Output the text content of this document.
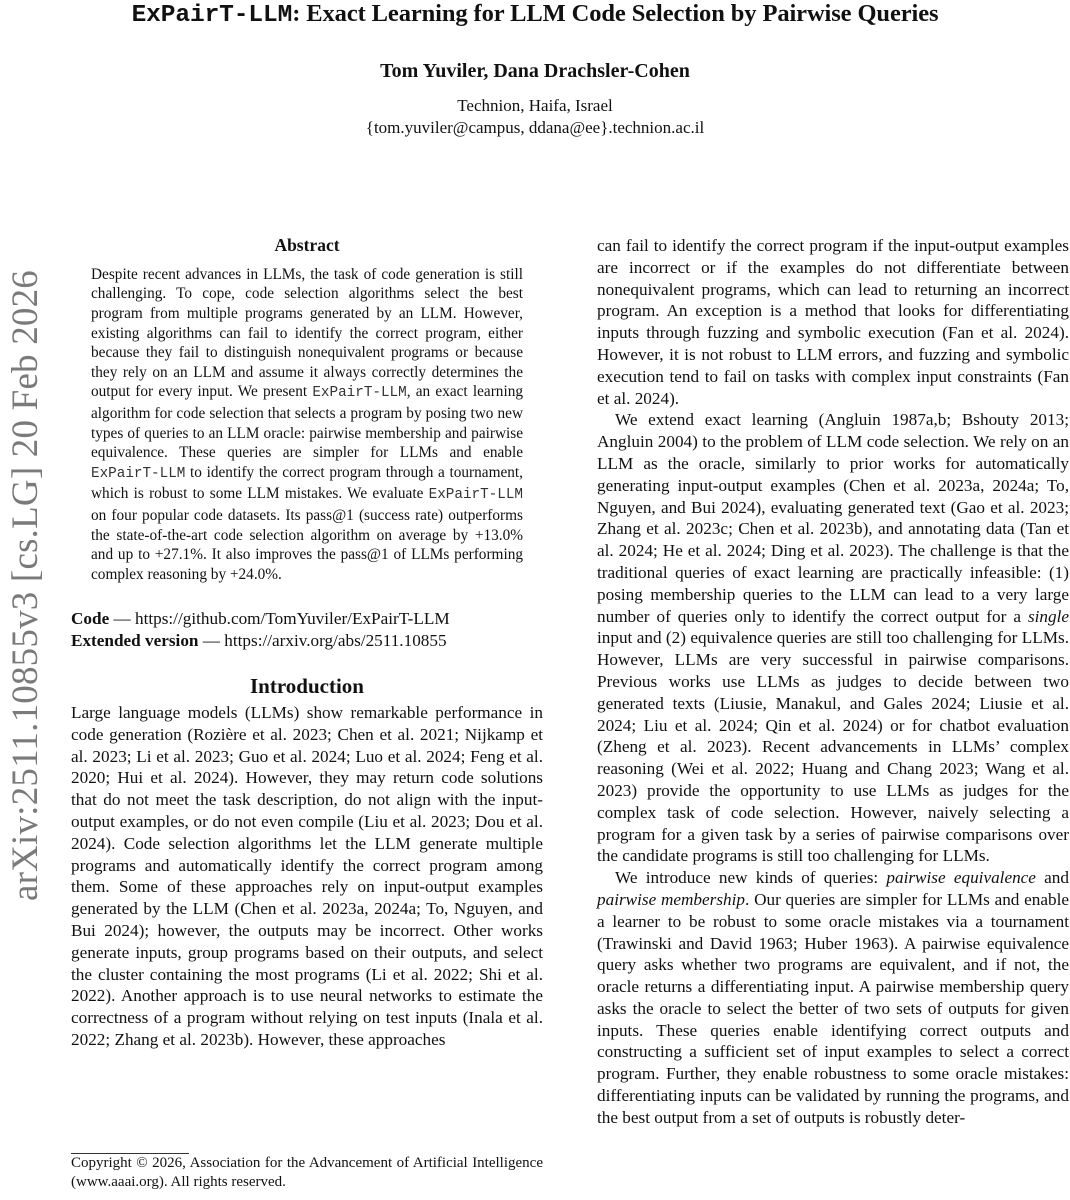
ExPairT-LLM: Exact Learning for LLM Code Selection by Pairwise Queries
Tom Yuviler, Dana Drachsler-Cohen
Technion, Haifa, Israel
{tom.yuviler@campus, ddana@ee}.technion.ac.il
arXiv:2511.10855v3 [cs.LG] 20 Feb 2026
Abstract
Despite recent advances in LLMs, the task of code generation is still challenging. To cope, code selection algorithms select the best program from multiple programs generated by an LLM. However, existing algorithms can fail to identify the correct program, either because they fail to distinguish nonequivalent programs or because they rely on an LLM and assume it always correctly determines the output for every input. We present ExPairT-LLM, an exact learning algorithm for code selection that selects a program by posing two new types of queries to an LLM oracle: pairwise membership and pairwise equivalence. These queries are simpler for LLMs and enable ExPairT-LLM to identify the correct program through a tournament, which is robust to some LLM mistakes. We evaluate ExPairT-LLM on four popular code datasets. Its pass@1 (success rate) outperforms the state-of-the-art code selection algorithm on average by +13.0% and up to +27.1%. It also improves the pass@1 of LLMs performing complex reasoning by +24.0%.
Code — https://github.com/TomYuviler/ExPairT-LLM
Extended version — https://arxiv.org/abs/2511.10855
Introduction

Large language models (LLMs) show remarkable performance in code generation (Rozière et al. 2023; Chen et al. 2021; Nijkamp et al. 2023; Li et al. 2023; Guo et al. 2024; Luo et al. 2024; Feng et al. 2020; Hui et al. 2024). However, they may return code solutions that do not meet the task description, do not align with the input-output examples, or do not even compile (Liu et al. 2023; Dou et al. 2024). Code selection algorithms let the LLM generate multiple programs and automatically identify the correct program among them. Some of these approaches rely on input-output examples generated by the LLM (Chen et al. 2023a, 2024a; To, Nguyen, and Bui 2024); however, the outputs may be incorrect. Other works generate inputs, group programs based on their outputs, and select the cluster containing the most programs (Li et al. 2022; Shi et al. 2022). Another approach is to use neural networks to estimate the correctness of a program without relying on test inputs (Inala et al. 2022; Zhang et al. 2023b). However, these approaches

Copyright © 2026, Association for the Advancement of Artificial Intelligence (www.aaai.org). All rights reserved.

can fail to identify the correct program if the input-output examples are incorrect or if the examples do not differentiate between nonequivalent programs, which can lead to returning an incorrect program. An exception is a method that looks for differentiating inputs through fuzzing and symbolic execution (Fan et al. 2024). However, it is not robust to LLM errors, and fuzzing and symbolic execution tend to fail on tasks with complex input constraints (Fan et al. 2024).

We extend exact learning (Angluin 1987a,b; Bshouty 2013; Angluin 2004) to the problem of LLM code selection. We rely on an LLM as the oracle, similarly to prior works for automatically generating input-output examples (Chen et al. 2023a, 2024a; To, Nguyen, and Bui 2024), evaluating generated text (Gao et al. 2023; Zhang et al. 2023c; Chen et al. 2023b), and annotating data (Tan et al. 2024; He et al. 2024; Ding et al. 2023). The challenge is that the traditional queries of exact learning are practically infeasible: (1) posing membership queries to the LLM can lead to a very large number of queries only to identify the correct output for a single input and (2) equivalence queries are still too challenging for LLMs. However, LLMs are very successful in pairwise comparisons. Previous works use LLMs as judges to decide between two generated texts (Liusie, Manakul, and Gales 2024; Liusie et al. 2024; Liu et al. 2024; Qin et al. 2024) or for chatbot evaluation (Zheng et al. 2023). Recent advancements in LLMs’ complex reasoning (Wei et al. 2022; Huang and Chang 2023; Wang et al. 2023) provide the opportunity to use LLMs as judges for the complex task of code selection. However, naively selecting a program for a given task by a series of pairwise comparisons over the candidate programs is still too challenging for LLMs.

We introduce new kinds of queries: pairwise equivalence and pairwise membership. Our queries are simpler for LLMs and enable a learner to be robust to some oracle mistakes via a tournament (Trawinski and David 1963; Huber 1963). A pairwise equivalence query asks whether two programs are equivalent, and if not, the oracle returns a differentiating input. A pairwise membership query asks the oracle to select the better of two sets of outputs for given inputs. These queries enable identifying correct outputs and constructing a sufficient set of input examples to select a correct program. Further, they enable robustness to some oracle mistakes: differentiating inputs can be validated by running the programs, and the best output from a set of outputs is robustly deter-
